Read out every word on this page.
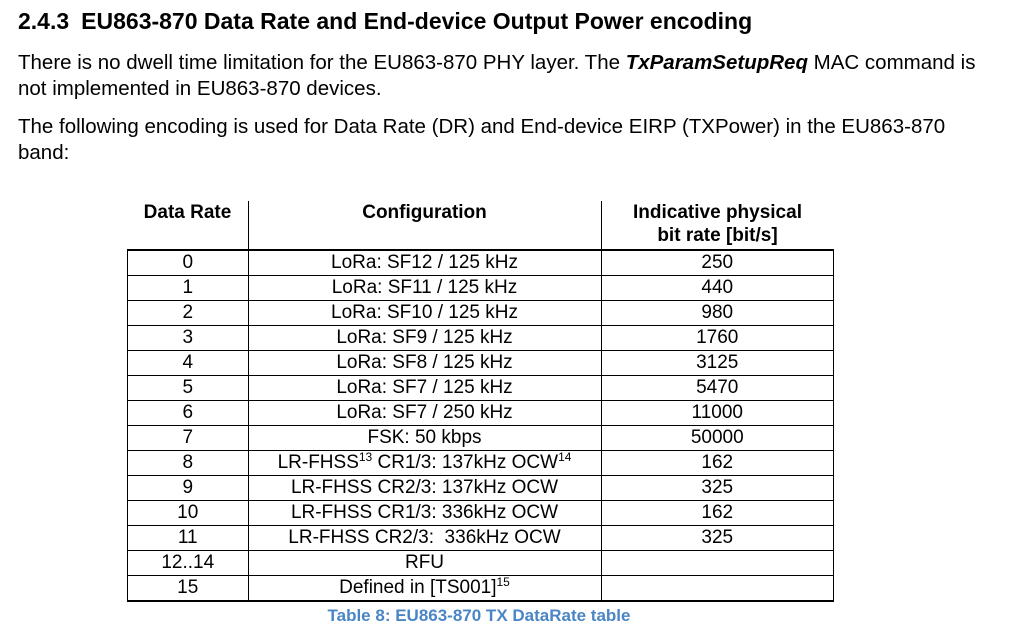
2.4.3 EU863-870 Data Rate and End-device Output Power encoding
There is no dwell time limitation for the EU863-870 PHY layer. The TxParamSetupReq MAC command is not implemented in EU863-870 devices.
The following encoding is used for Data Rate (DR) and End-device EIRP (TXPower) in the EU863-870 band:
Data Rate	Configuration	Indicative physical
bit rate [bit/s]
0	LoRa: SF12 / 125 kHz	250
1	LoRa: SF11 / 125 kHz	440
2	LoRa: SF10 / 125 kHz	980
3	LoRa: SF9 / 125 kHz	1760
4	LoRa: SF8 / 125 kHz	3125
5	LoRa: SF7 / 125 kHz	5470
6	LoRa: SF7 / 250 kHz	11000
7	FSK: 50 kbps	50000
8	LR-FHSS$^{13}$ CR1/3: 137kHz OCW$^{14}$	162
9	LR-FHSS CR2/3: 137kHz OCW	325
10	LR-FHSS CR1/3: 336kHz OCW	162
11	LR-FHSS CR2/3:  336kHz OCW	325
12..14	RFU	
15	Defined in $[TS001]^{15}$	
Table 8: EU863-870 TX DataRate table
